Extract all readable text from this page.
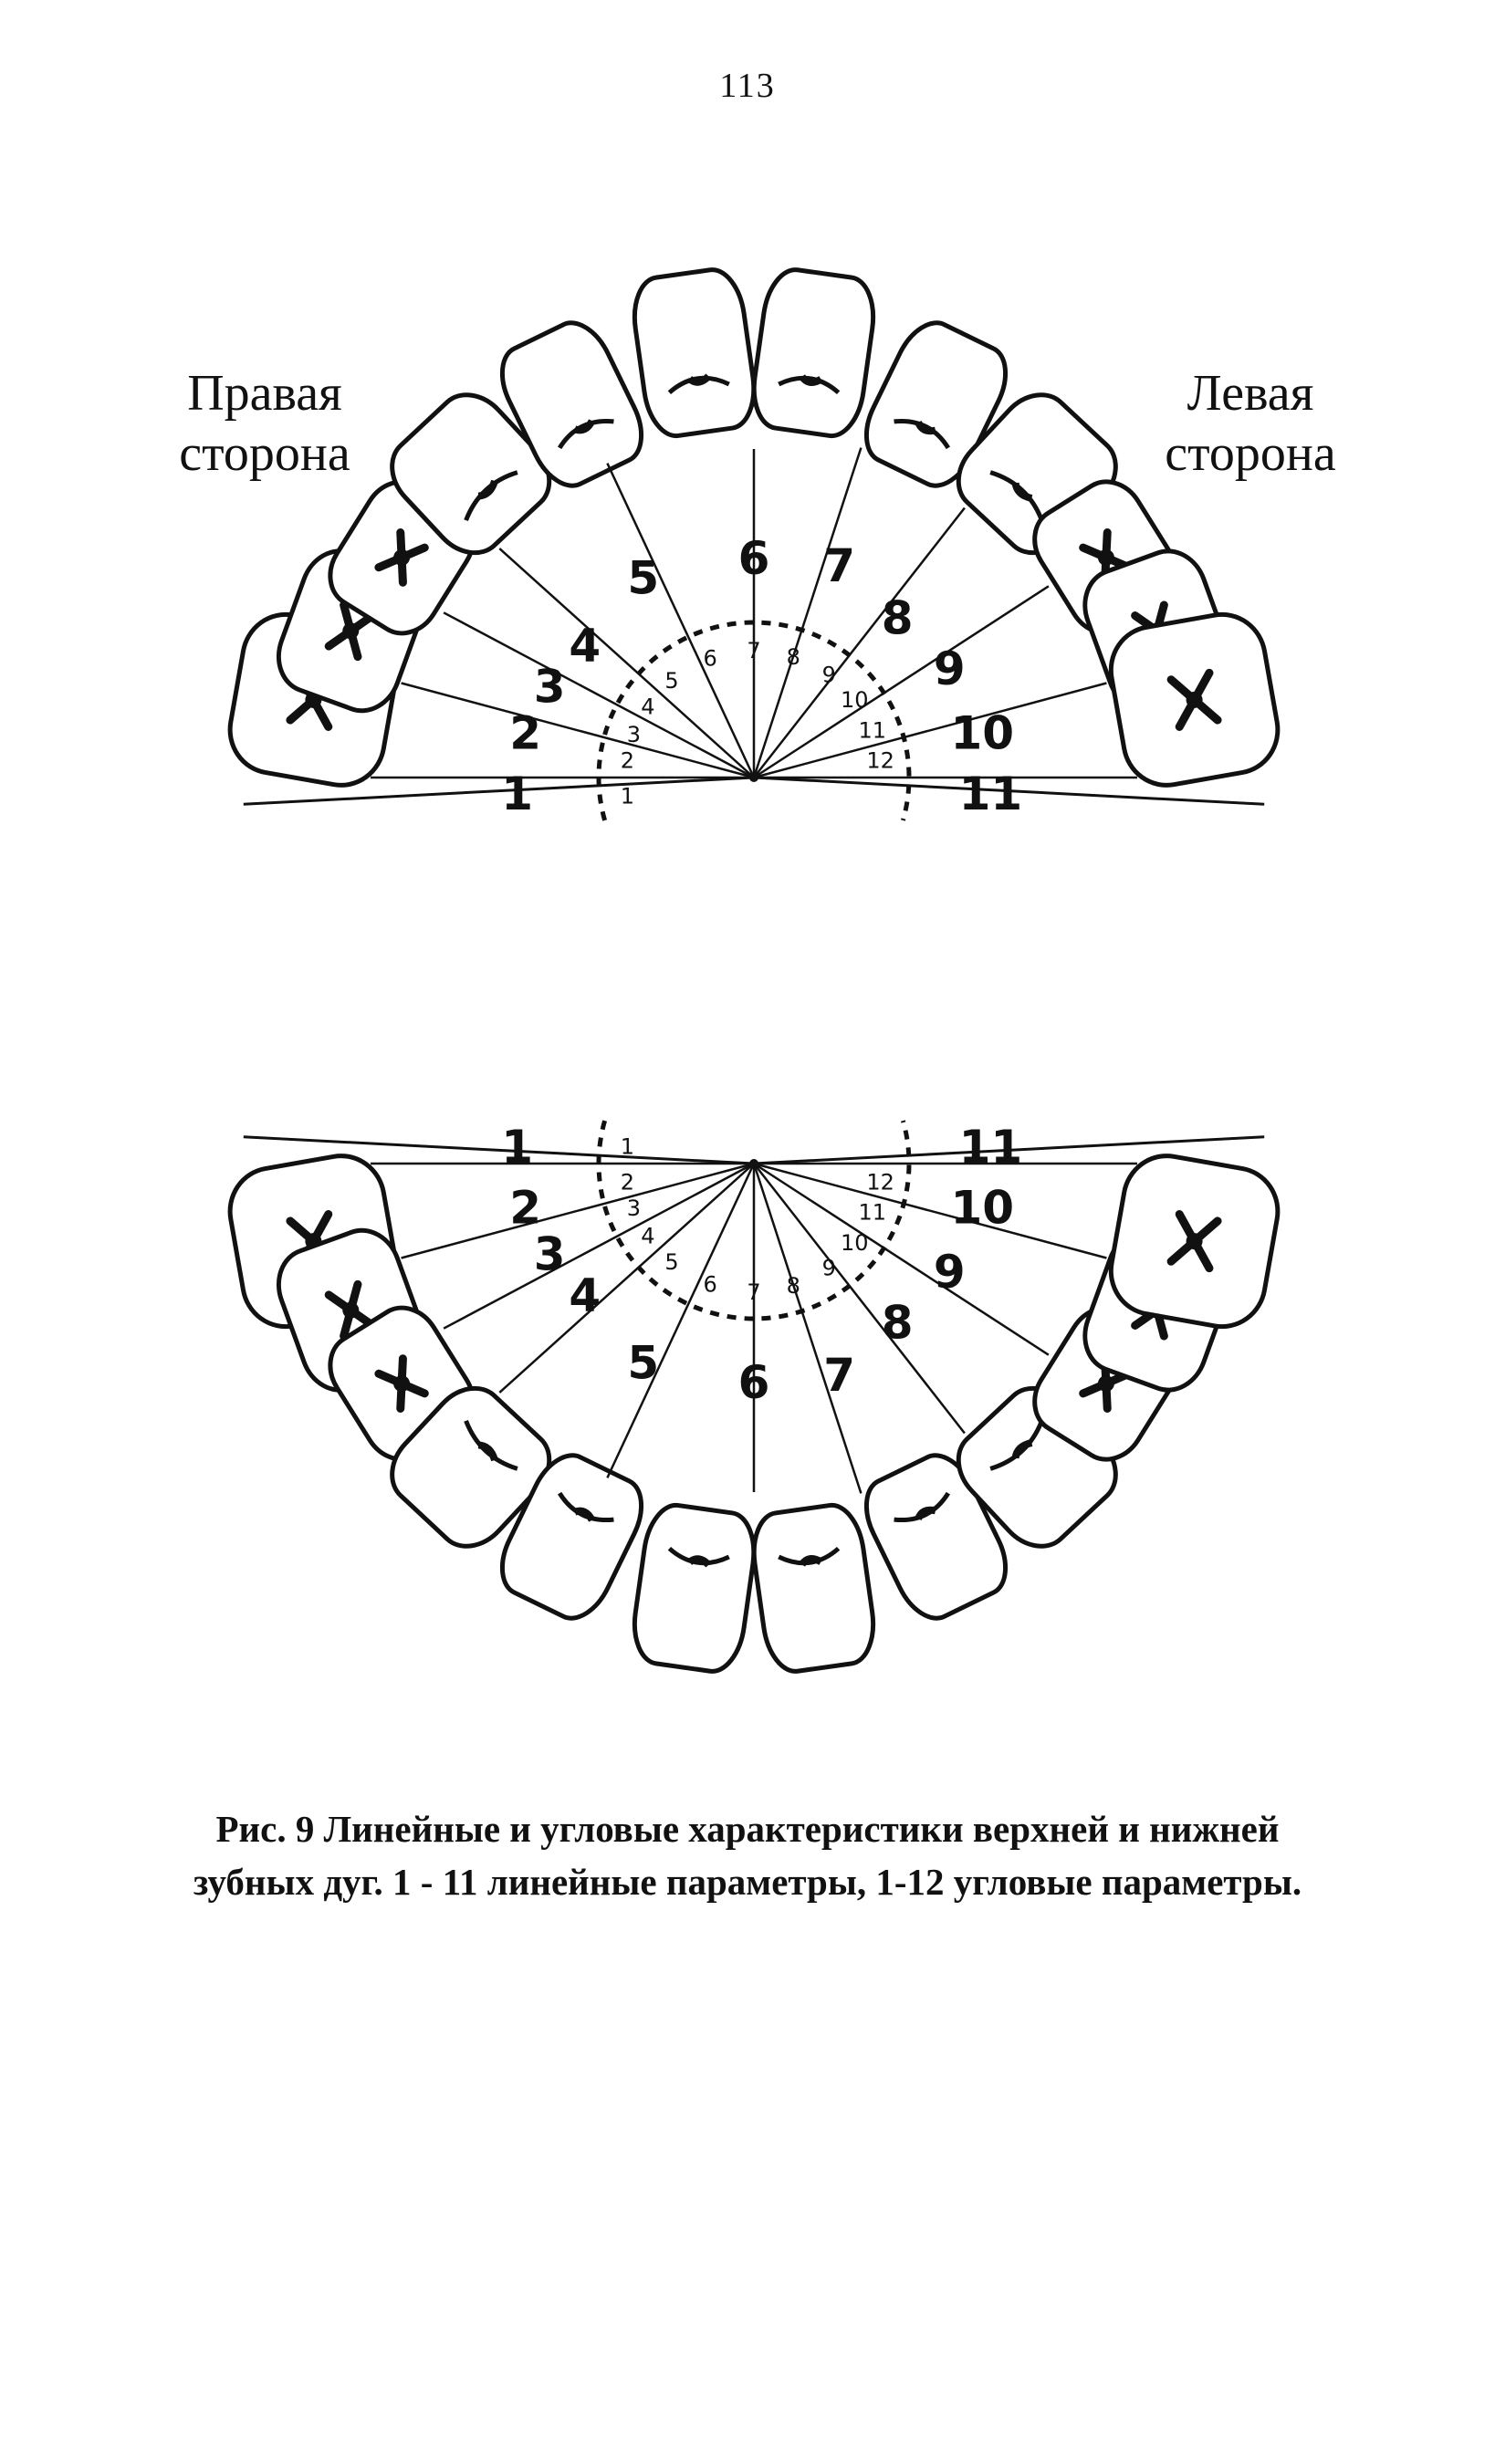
113
Правая
сторона
Левая
сторона
1
2
3
4
5 6 7
8
9
10
11
1
2
3
4
5
6 7 8
9
10
11
12
1
2
3
4
5 6 7
8
9
10
11
1
2
3
4
5
6 7 8
9
10
11
12
Рис. 9 Линейные и угловые характеристики верхней и нижней
зубных дуг. 1 - 11 линейные параметры, 1-12 угловые параметры.
